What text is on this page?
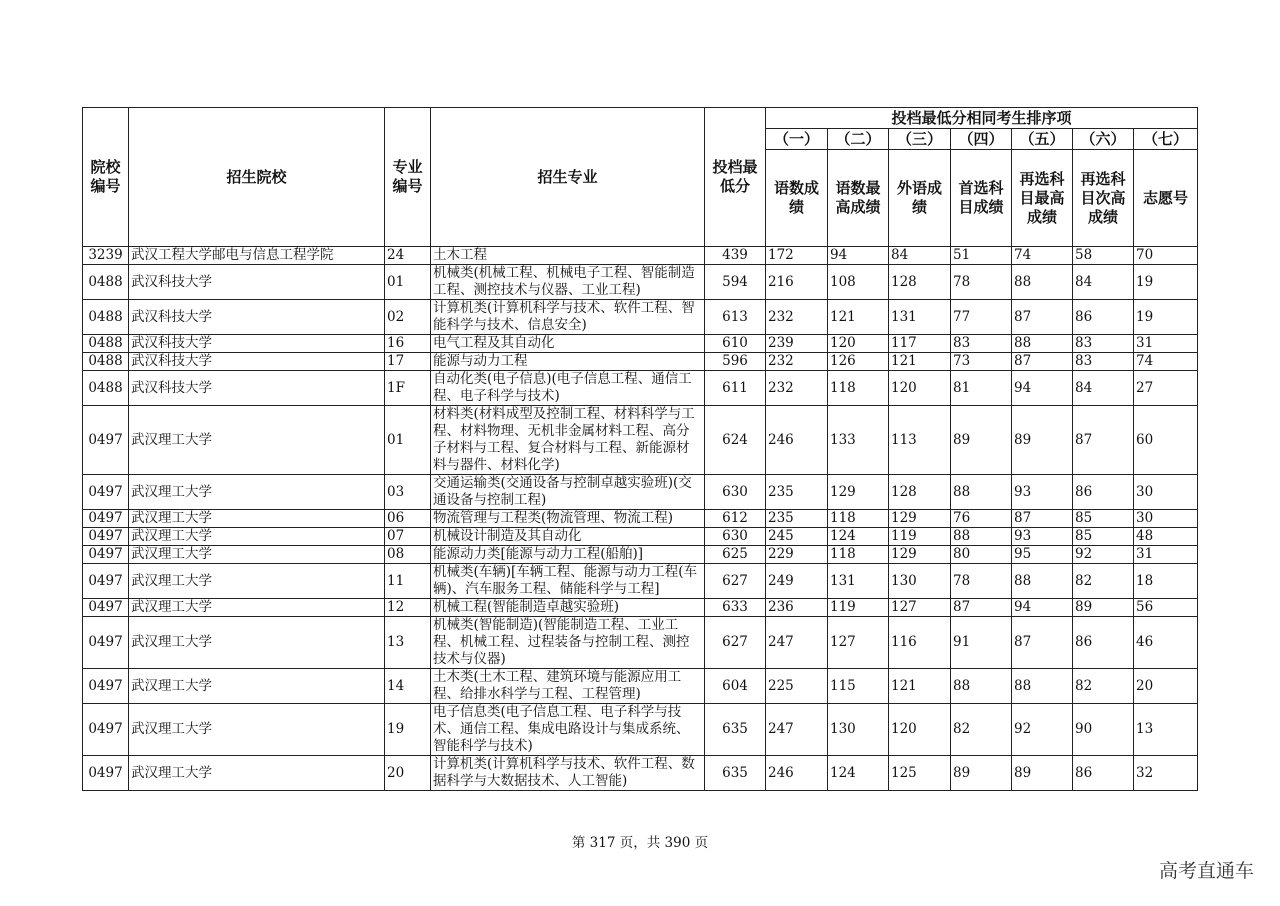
院校编号	招生院校	专业编号	招生专业	投档最低分	投档最低分相同考生排序项						
					（一）	（二）	（三）	（四）	（五）	（六）	（七）
					语数成绩	语数最高成绩	外语成绩	首选科目成绩	再选科目最高成绩	再选科目次高成绩	志愿号
3239	武汉工程大学邮电与信息工程学院	24	土木工程	439	172	94	84	51	74	58	70
0488	武汉科技大学	01	机械类(机械工程、机械电子工程、智能制造工程、测控技术与仪器、工业工程)	594	216	108	128	78	88	84	19
0488	武汉科技大学	02	计算机类(计算机科学与技术、软件工程、智能科学与技术、信息安全)	613	232	121	131	77	87	86	19
0488	武汉科技大学	16	电气工程及其自动化	610	239	120	117	83	88	83	31
0488	武汉科技大学	17	能源与动力工程	596	232	126	121	73	87	83	74
0488	武汉科技大学	1F	自动化类(电子信息)(电子信息工程、通信工程、电子科学与技术)	611	232	118	120	81	94	84	27
0497	武汉理工大学	01	材料类(材料成型及控制工程、材料科学与工程、材料物理、无机非金属材料工程、高分子材料与工程、复合材料与工程、新能源材料与器件、材料化学)	624	246	133	113	89	89	87	60
0497	武汉理工大学	03	交通运输类(交通设备与控制卓越实验班)(交通设备与控制工程)	630	235	129	128	88	93	86	30
0497	武汉理工大学	06	物流管理与工程类(物流管理、物流工程)	612	235	118	129	76	87	85	30
0497	武汉理工大学	07	机械设计制造及其自动化	630	245	124	119	88	93	85	48
0497	武汉理工大学	08	能源动力类[能源与动力工程(船舶)]	625	229	118	129	80	95	92	31
0497	武汉理工大学	11	机械类(车辆)[车辆工程、能源与动力工程(车辆)、汽车服务工程、储能科学与工程]	627	249	131	130	78	88	82	18
0497	武汉理工大学	12	机械工程(智能制造卓越实验班)	633	236	119	127	87	94	89	56
0497	武汉理工大学	13	机械类(智能制造)(智能制造工程、工业工程、机械工程、过程装备与控制工程、测控技术与仪器)	627	247	127	116	91	87	86	46
0497	武汉理工大学	14	土木类(土木工程、建筑环境与能源应用工程、给排水科学与工程、工程管理)	604	225	115	121	88	88	82	20
0497	武汉理工大学	19	电子信息类(电子信息工程、电子科学与技术、通信工程、集成电路设计与集成系统、智能科学与技术)	635	247	130	120	82	92	90	13
0497	武汉理工大学	20	计算机类(计算机科学与技术、软件工程、数据科学与大数据技术、人工智能)	635	246	124	125	89	89	86	32
第 317 页，共 390 页
高考直通车
